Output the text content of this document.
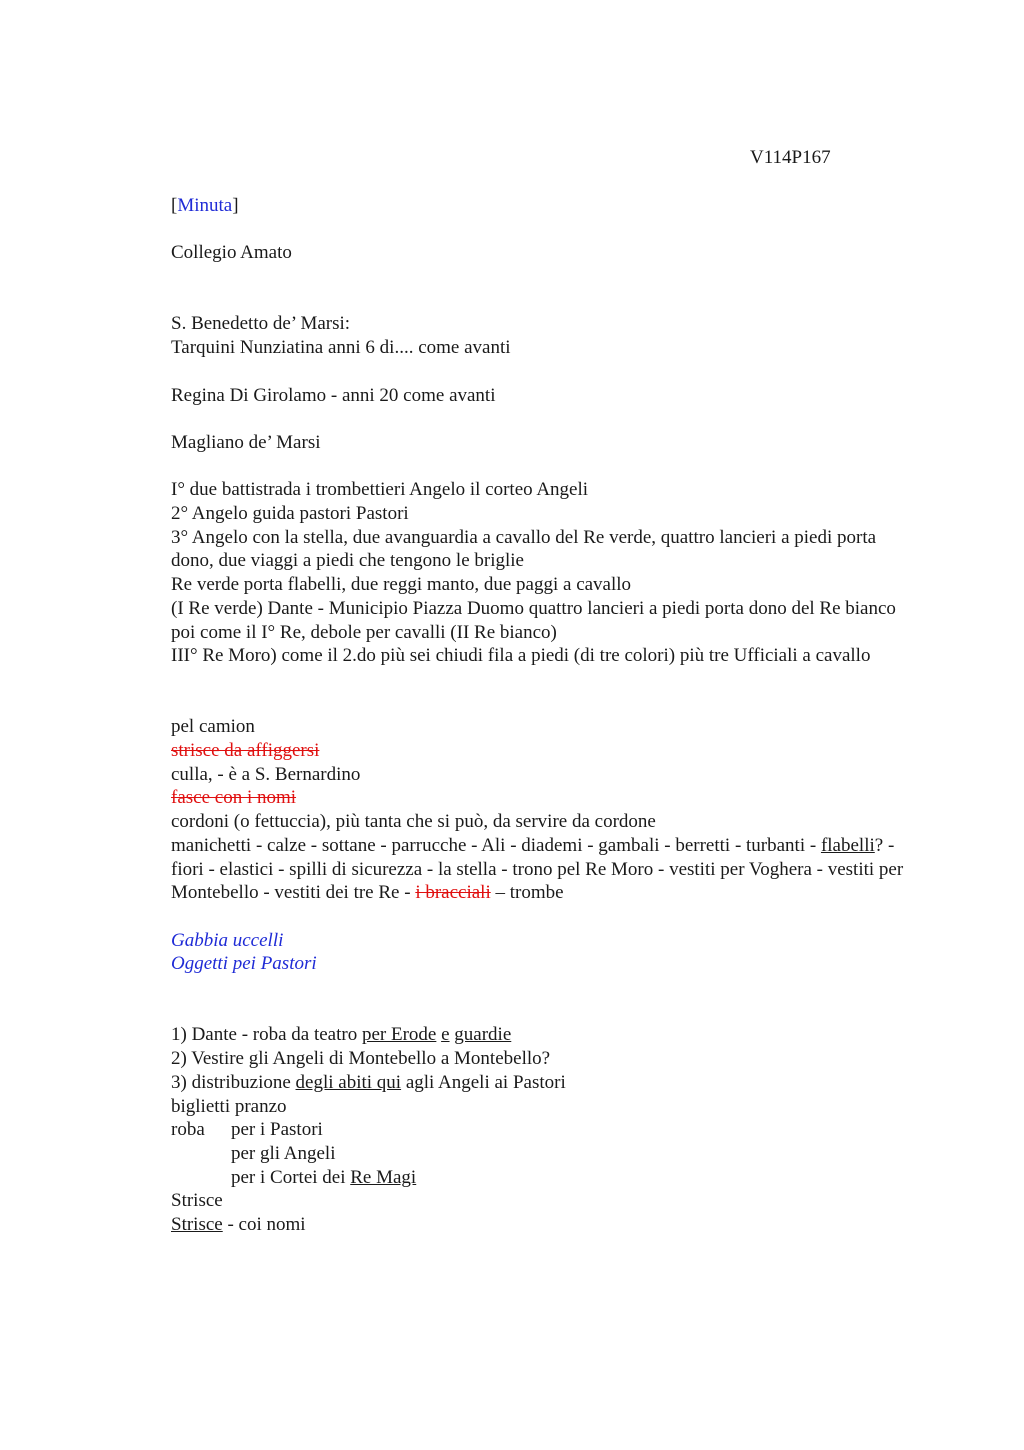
V114P167
[Minuta]
Collegio Amato
S. Benedetto de’ Marsi:
Tarquini Nunziatina anni 6 di.... come avanti
Regina Di Girolamo - anni 20 come avanti
Magliano de’ Marsi
I° due battistrada i trombettieri Angelo il corteo Angeli
2° Angelo guida pastori Pastori
3° Angelo con la stella, due avanguardia a cavallo del Re verde, quattro lancieri a piedi porta dono, due viaggi a piedi che tengono le briglie
Re verde porta flabelli, due reggi manto, due paggi a cavallo
(I Re verde) Dante - Municipio Piazza Duomo quattro lancieri a piedi porta dono del Re bianco poi come il I° Re, debole per cavalli (II Re bianco)
III° Re Moro) come il 2.do più sei chiudi fila a piedi (di tre colori) più tre Ufficiali a cavallo
pel camion
strisce da affiggersi
culla, - è a S. Bernardino
fasce con i nomi
cordoni (o fettuccia), più tanta che si può, da servire da cordone
manichetti - calze - sottane - parrucche - Ali - diademi - gambali - berretti - turbanti - flabelli? - fiori - elastici - spilli di sicurezza - la stella - trono pel Re Moro - vestiti per Voghera - vestiti per Montebello - vestiti dei tre Re - i bracciali – trombe
Gabbia uccelli
Oggetti pei Pastori
1) Dante - roba da teatro per Erode e guardie
2) Vestire gli Angeli di Montebello a Montebello?
3) distribuzione degli abiti qui agli Angeli ai Pastori
biglietti pranzo
roba	per i Pastori
per gli Angeli
per i Cortei dei Re Magi
Strisce
Strisce - coi nomi
